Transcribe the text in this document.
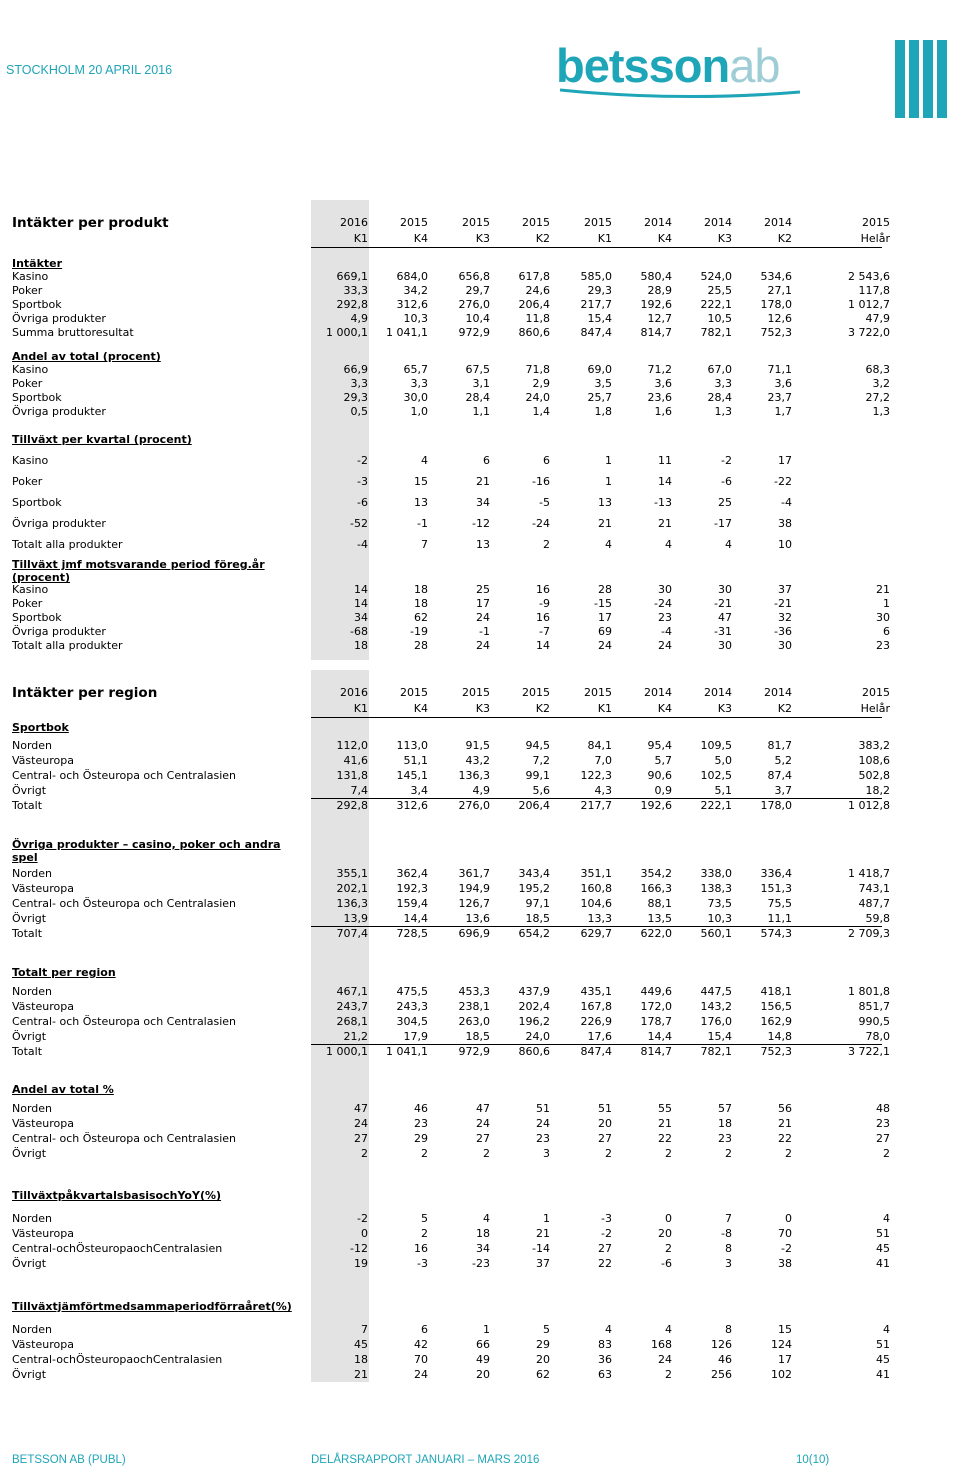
STOCKHOLM 20 APRIL 2016	betssonab
Intäkter per produkt	2016	2015	2015	2015	2015	2014	2014	2014	2015
K1	K4	K3	K2	K1	K4	K3	K2	Helår
Intäkter
Kasino	669,1	684,0	656,8	617,8	585,0	580,4	524,0	534,6	2 543,6
Poker	33,3	34,2	29,7	24,6	29,3	28,9	25,5	27,1	117,8
Sportbok	292,8	312,6	276,0	206,4	217,7	192,6	222,1	178,0	1 012,7
Övriga produkter	4,9	10,3	10,4	11,8	15,4	12,7	10,5	12,6	47,9
Summa bruttoresultat	1 000,1	1 041,1	972,9	860,6	847,4	814,7	782,1	752,3	3 722,0
Andel av total (procent)
Kasino	66,9	65,7	67,5	71,8	69,0	71,2	67,0	71,1	68,3
Poker	3,3	3,3	3,1	2,9	3,5	3,6	3,3	3,6	3,2
Sportbok	29,3	30,0	28,4	24,0	25,7	23,6	28,4	23,7	27,2
Övriga produkter	0,5	1,0	1,1	1,4	1,8	1,6	1,3	1,7	1,3
Tillväxt per kvartal (procent)
Kasino	-2	4	6	6	1	11	-2	17
Poker	-3	15	21	-16	1	14	-6	-22
Sportbok	-6	13	34	-5	13	-13	25	-4
Övriga produkter	-52	-1	-12	-24	21	21	-17	38
Totalt alla produkter	-4	7	13	2	4	4	4	10
Tillväxt jmf motsvarande period föreg.år
(procent)
Kasino	14	18	25	16	28	30	30	37	21
Poker	14	18	17	-9	-15	-24	-21	-21	1
Sportbok	34	62	24	16	17	23	47	32	30
Övriga produkter	-68	-19	-1	-7	69	-4	-31	-36	6
Totalt alla produkter	18	28	24	14	24	24	30	30	23
Intäkter per region	2016	2015	2015	2015	2015	2014	2014	2014	2015
K1	K4	K3	K2	K1	K4	K3	K2	Helår
Sportbok
Norden	112,0	113,0	91,5	94,5	84,1	95,4	109,5	81,7	383,2
Västeuropa	41,6	51,1	43,2	7,2	7,0	5,7	5,0	5,2	108,6
Central- och Östeuropa och Centralasien	131,8	145,1	136,3	99,1	122,3	90,6	102,5	87,4	502,8
Övrigt	7,4	3,4	4,9	5,6	4,3	0,9	5,1	3,7	18,2
Totalt	292,8	312,6	276,0	206,4	217,7	192,6	222,1	178,0	1 012,8
Övriga produkter – casino, poker och andra
spel
Norden	355,1	362,4	361,7	343,4	351,1	354,2	338,0	336,4	1 418,7
Västeuropa	202,1	192,3	194,9	195,2	160,8	166,3	138,3	151,3	743,1
Central- och Östeuropa och Centralasien	136,3	159,4	126,7	97,1	104,6	88,1	73,5	75,5	487,7
Övrigt	13,9	14,4	13,6	18,5	13,3	13,5	10,3	11,1	59,8
Totalt	707,4	728,5	696,9	654,2	629,7	622,0	560,1	574,3	2 709,3
Totalt per region
Norden	467,1	475,5	453,3	437,9	435,1	449,6	447,5	418,1	1 801,8
Västeuropa	243,7	243,3	238,1	202,4	167,8	172,0	143,2	156,5	851,7
Central- och Östeuropa och Centralasien	268,1	304,5	263,0	196,2	226,9	178,7	176,0	162,9	990,5
Övrigt	21,2	17,9	18,5	24,0	17,6	14,4	15,4	14,8	78,0
Totalt	1 000,1	1 041,1	972,9	860,6	847,4	814,7	782,1	752,3	3 722,1
Andel av total %
Norden	47	46	47	51	51	55	57	56	48
Västeuropa	24	23	24	24	20	21	18	21	23
Central- och Östeuropa och Centralasien	27	29	27	23	27	22	23	22	27
Övrigt	2	2	2	3	2	2	2	2	2
TillväxtpåkvartalsbasisochYoY(%)
Norden	-2	5	4	1	-3	0	7	0	4
Västeuropa	0	2	18	21	-2	20	-8	70	51
Central-ochÖsteuropaochCentralasien	-12	16	34	-14	27	2	8	-2	45
Övrigt	19	-3	-23	37	22	-6	3	38	41
Tillväxtjämförtmedsammaperiodförraåret(%)
Norden	7	6	1	5	4	4	8	15	4
Västeuropa	45	42	66	29	83	168	126	124	51
Central-ochÖsteuropaochCentralasien	18	70	49	20	36	24	46	17	45
Övrigt	21	24	20	62	63	2	256	102	41
BETSSON AB (PUBL)	DELÅRSRAPPORT JANUARI – MARS 2016	10(10)
